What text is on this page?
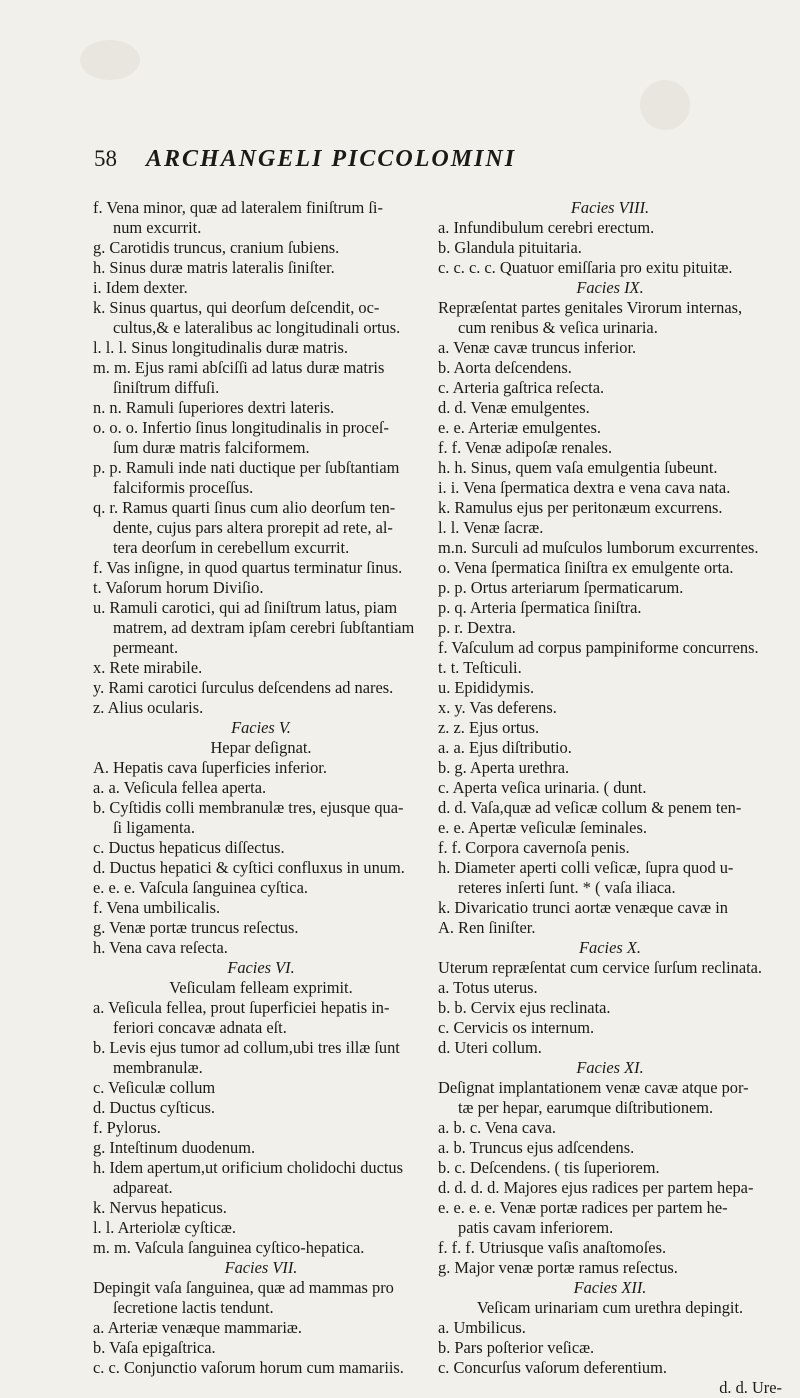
58 ARCHANGELI PICCOLOMINI
f. Vena minor, quæ ad lateralem finiſtrum ſi-
num excurrit.
g. Carotidis truncus, cranium ſubiens.
h. Sinus duræ matris lateralis ſiniſter.
i. Idem dexter.
k. Sinus quartus, qui deorſum deſcendit, oc-
cultus,& e lateralibus ac longitudinali ortus.
l. l. l. Sinus longitudinalis duræ matris.
m. m. Ejus rami abſciſſi ad latus duræ matris
ſiniſtrum diffuſi.
n. n. Ramuli ſuperiores dextri lateris.
o. o. o. Infertio ſinus longitudinalis in proceſ-
ſum duræ matris falciformem.
p. p. Ramuli inde nati ductique per ſubſtantiam
falciformis proceſſus.
q. r. Ramus quarti ſinus cum alio deorſum ten-
dente, cujus pars altera prorepit ad rete, al-
tera deorſum in cerebellum excurrit.
f. Vas inſigne, in quod quartus terminatur ſinus.
t. Vaſorum horum Diviſio.
u. Ramuli carotici, qui ad ſiniſtrum latus, piam
matrem, ad dextram ipſam cerebri ſubſtantiam
permeant.
x. Rete mirabile.
y. Rami carotici ſurculus deſcendens ad nares.
z. Alius ocularis.
Facies V.
Hepar deſignat.
A. Hepatis cava ſuperficies inferior.
a. a. Veſicula fellea aperta.
b. Cyſtidis colli membranulæ tres, ejusque qua-
ſi ligamenta.
c. Ductus hepaticus diſſectus.
d. Ductus hepatici & cyſtici confluxus in unum.
e. e. e. Vaſcula ſanguinea cyſtica.
f. Vena umbilicalis.
g. Venæ portæ truncus reſectus.
h. Vena cava reſecta.
Facies VI.
Veſiculam felleam exprimit.
a. Veſicula fellea, prout ſuperficiei hepatis in-
feriori concavæ adnata eſt.
b. Levis ejus tumor ad collum,ubi tres illæ ſunt
membranulæ.
c. Veſiculæ collum
d. Ductus cyſticus.
f. Pylorus.
g. Inteſtinum duodenum.
h. Idem apertum,ut orificium cholidochi ductus
adpareat.
k. Nervus hepaticus.
l. l. Arteriolæ cyſticæ.
m. m. Vaſcula ſanguinea cyſtico-hepatica.
Facies VII.
Depingit vaſa ſanguinea, quæ ad mammas pro
ſecretione lactis tendunt.
a. Arteriæ venæque mammariæ.
b. Vaſa epigaſtrica.
c. c. Conjunctio vaſorum horum cum mamariis.
Facies VIII.
a. Infundibulum cerebri erectum.
b. Glandula pituitaria.
c. c. c. c. Quatuor emiſſaria pro exitu pituitæ.
Facies IX.
Repræſentat partes genitales Virorum internas,
cum renibus & veſica urinaria.
a. Venæ cavæ truncus inferior.
b. Aorta deſcendens.
c. Arteria gaſtrica reſecta.
d. d. Venæ emulgentes.
e. e. Arteriæ emulgentes.
f. f. Venæ adipoſæ renales.
h. h. Sinus, quem vaſa emulgentia ſubeunt.
i. i. Vena ſpermatica dextra e vena cava nata.
k. Ramulus ejus per peritonæum excurrens.
l. l. Venæ ſacræ.
m.n. Surculi ad muſculos lumborum excurrentes.
o. Vena ſpermatica ſiniſtra ex emulgente orta.
p. p. Ortus arteriarum ſpermaticarum.
p. q. Arteria ſpermatica ſiniſtra.
p. r. Dextra.
f. Vaſculum ad corpus pampiniforme concurrens.
t. t. Teſticuli.
u. Epididymis.
x. y. Vas deferens.
z. z. Ejus ortus.
a. a. Ejus diſtributio.
b. g. Aperta urethra.
c. Aperta veſica urinaria. ( dunt.
d. d. Vaſa,quæ ad veſicæ collum & penem ten-
e. e. Apertæ veſiculæ ſeminales.
f. f. Corpora cavernoſa penis.
h. Diameter aperti colli veſicæ, ſupra quod u-
reteres inſerti ſunt. * ( vaſa iliaca.
k. Divaricatio trunci aortæ venæque cavæ in
A. Ren ſiniſter.
Facies X.
Uterum repræſentat cum cervice ſurſum reclinata.
a. Totus uterus.
b. b. Cervix ejus reclinata.
c. Cervicis os internum.
d. Uteri collum.
Facies XI.
Deſignat implantationem venæ cavæ atque por-
tæ per hepar, earumque diſtributionem.
a. b. c. Vena cava.
a. b. Truncus ejus adſcendens.
b. c. Deſcendens. ( tis ſuperiorem.
d. d. d. d. Majores ejus radices per partem hepa-
e. e. e. e. Venæ portæ radices per partem he-
patis cavam inferiorem.
f. f. f. Utriusque vaſis anaſtomoſes.
g. Major venæ portæ ramus reſectus.
Facies XII.
Veſicam urinariam cum urethra depingit.
a. Umbilicus.
b. Pars poſterior veſicæ.
c. Concurſus vaſorum deferentium.
d. d. Ure-
